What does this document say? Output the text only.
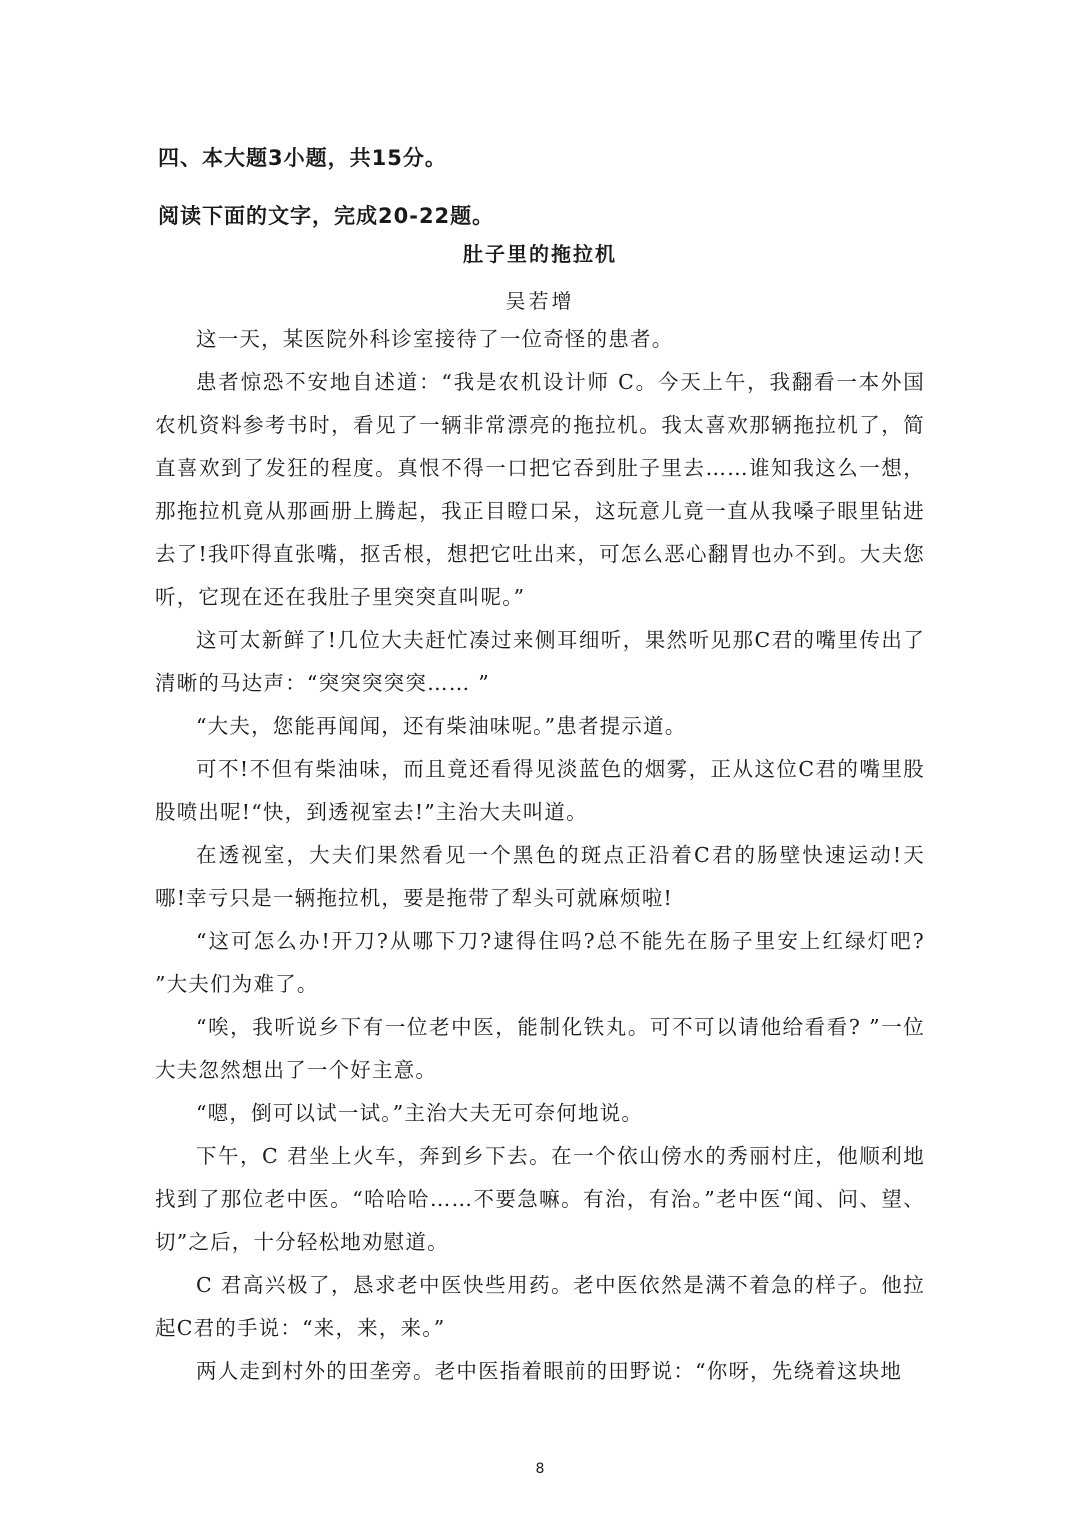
四、本大题3小题，共15分。
阅读下面的文字，完成20-22题。
肚子里的拖拉机
吴若增

这一天，某医院外科诊室接待了一位奇怪的患者。

患者惊恐不安地自述道：“我是农机设计师 C。今天上午，我翻看一本外国农机资料参考书时，看见了一辆非常漂亮的拖拉机。我太喜欢那辆拖拉机了，简直喜欢到了发狂的程度。真恨不得一口把它吞到肚子里去……谁知我这么一想，那拖拉机竟从那画册上腾起，我正目瞪口呆，这玩意儿竟一直从我嗓子眼里钻进去了!我吓得直张嘴，抠舌根，想把它吐出来，可怎么恶心翻胃也办不到。大夫您听，它现在还在我肚子里突突直叫呢。”

这可太新鲜了!几位大夫赶忙凑过来侧耳细听，果然听见那C君的嘴里传出了清晰的马达声：“突突突突突…… ”

“大夫，您能再闻闻，还有柴油味呢。”患者提示道。

可不!不但有柴油味，而且竟还看得见淡蓝色的烟雾，正从这位C君的嘴里股股喷出呢!“快，到透视室去!”主治大夫叫道。

在透视室，大夫们果然看见一个黑色的斑点正沿着C君的肠壁快速运动!天哪!幸亏只是一辆拖拉机，要是拖带了犁头可就麻烦啦!

“这可怎么办!开刀?从哪下刀?逮得住吗?总不能先在肠子里安上红绿灯吧? ”大夫们为难了。

“唉，我听说乡下有一位老中医，能制化铁丸。可不可以请他给看看? ”一位大夫忽然想出了一个好主意。

“嗯，倒可以试一试。”主治大夫无可奈何地说。

下午，C 君坐上火车，奔到乡下去。在一个依山傍水的秀丽村庄，他顺利地找到了那位老中医。“哈哈哈……不要急嘛。有治，有治。”老中医“闻、问、望、切”之后，十分轻松地劝慰道。

C 君高兴极了，恳求老中医快些用药。老中医依然是满不着急的样子。他拉起C君的手说：“来，来，来。”

两人走到村外的田垄旁。老中医指着眼前的田野说：“你呀，先绕着这块地

8
